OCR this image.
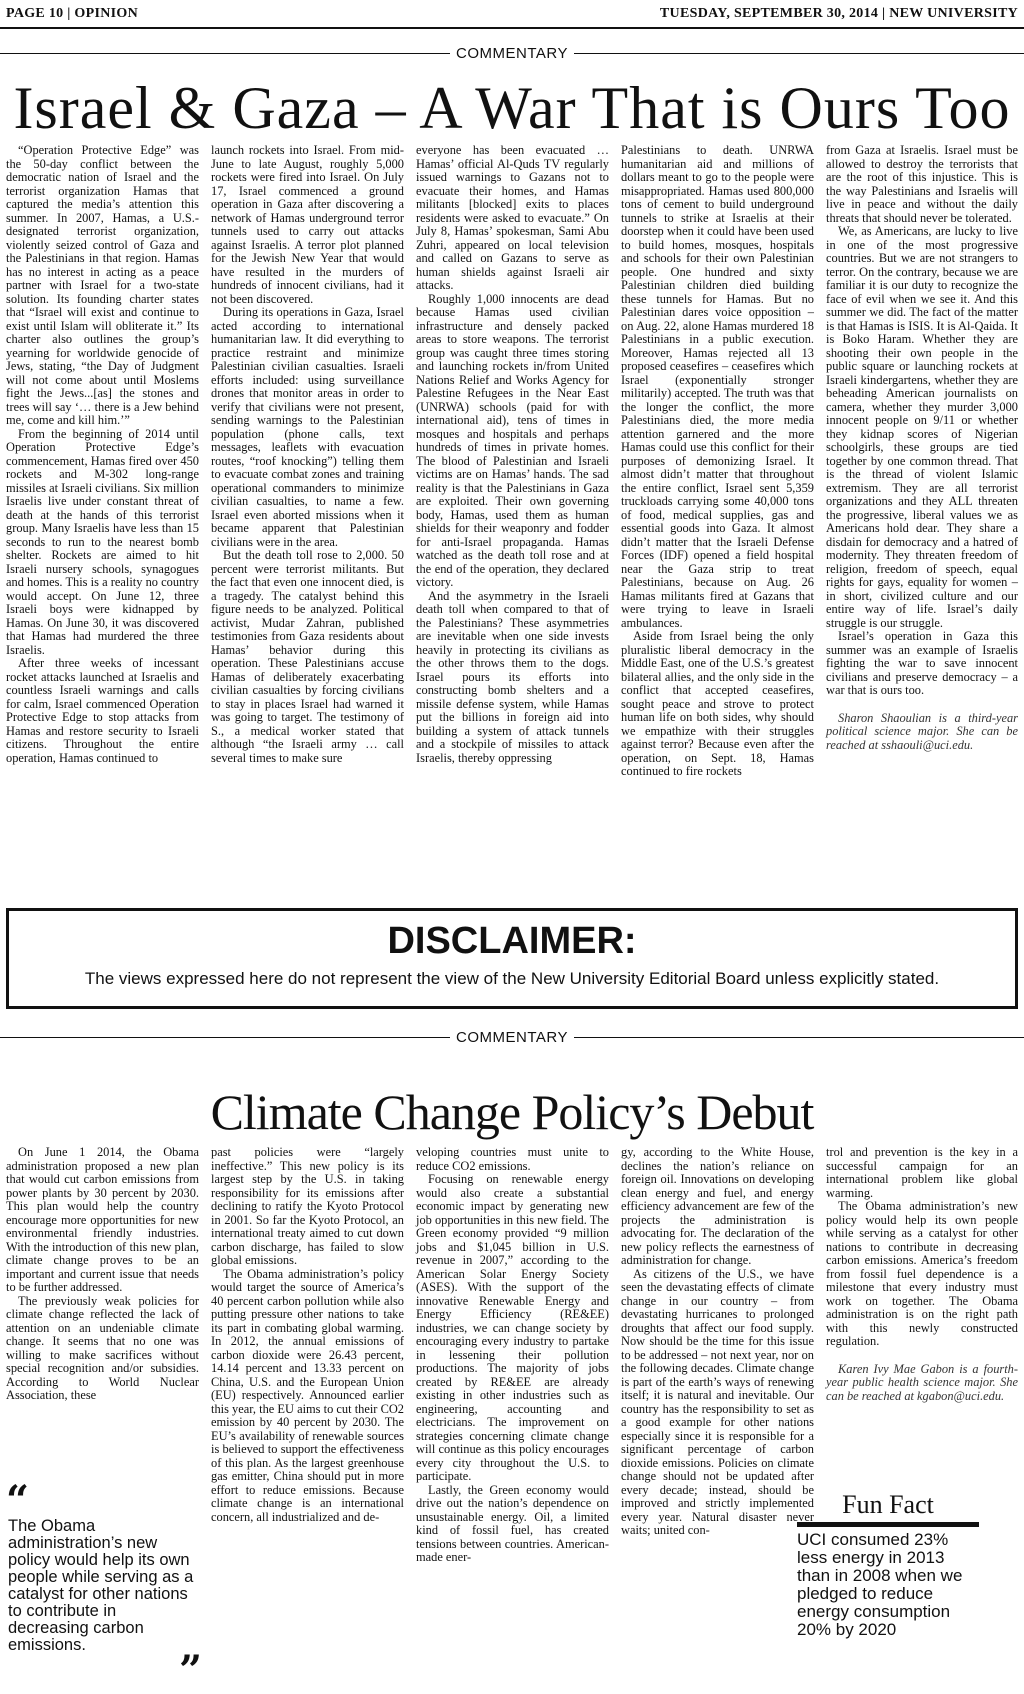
PAGE 10 | OPINION	TUESDAY, SEPTEMBER 30, 2014 | NEW UNIVERSITY
COMMENTARY
Israel & Gaza – A War That is Ours Too

“Operation Protective Edge” was the 50-day conflict between the democratic nation of Israel and the terrorist organization Hamas that captured the media’s attention this summer. In 2007, Hamas, a U.S.-designated terrorist organization, violently seized control of Gaza and the Palestinians in that region. Hamas has no interest in acting as a peace partner with Israel for a two-state solution. Its founding charter states that “Israel will exist and continue to exist until Islam will obliterate it.” Its charter also outlines the group’s yearning for worldwide genocide of Jews, stating, “the Day of Judgment will not come about until Moslems fight the Jews...[as] the stones and trees will say ‘… there is a Jew behind me, come and kill him.’”

From the beginning of 2014 until Operation Protective Edge’s commencement, Hamas fired over 450 rockets and M-302 long-range missiles at Israeli civilians. Six million Israelis live under constant threat of death at the hands of this terrorist group. Many Israelis have less than 15 seconds to run to the nearest bomb shelter. Rockets are aimed to hit Israeli nursery schools, synagogues and homes. This is a reality no country would accept. On June 12, three Israeli boys were kidnapped by Hamas. On June 30, it was discovered that Hamas had murdered the three Israelis.

After three weeks of incessant rocket attacks launched at Israelis and countless Israeli warnings and calls for calm, Israel commenced Operation Protective Edge to stop attacks from Hamas and restore security to Israeli citizens. Throughout the entire operation, Hamas continued to

launch rockets into Israel. From mid-June to late August, roughly 5,000 rockets were fired into Israel. On July 17, Israel commenced a ground operation in Gaza after discovering a network of Hamas underground terror tunnels used to carry out attacks against Israelis. A terror plot planned for the Jewish New Year that would have resulted in the murders of hundreds of innocent civilians, had it not been discovered.

During its operations in Gaza, Israel acted according to international humanitarian law. It did everything to practice restraint and minimize Palestinian civilian casualties. Israeli efforts included: using surveillance drones that monitor areas in order to verify that civilians were not present, sending warnings to the Palestinian population (phone calls, text messages, leaflets with evacuation routes, “roof knocking”) telling them to evacuate combat zones and training operational commanders to minimize civilian casualties, to name a few. Israel even aborted missions when it became apparent that Palestinian civilians were in the area.

But the death toll rose to 2,000. 50 percent were terrorist militants. But the fact that even one innocent died, is a tragedy. The catalyst behind this figure needs to be analyzed. Political activist, Mudar Zahran, published testimonies from Gaza residents about Hamas’ behavior during this operation. These Palestinians accuse Hamas of deliberately exacerbating civilian casualties by forcing civilians to stay in places Israel had warned it was going to target. The testimony of S., a medical worker stated that although “the Israeli army … call several times to make sure

everyone has been evacuated … Hamas’ official Al-Quds TV regularly issued warnings to Gazans not to evacuate their homes, and Hamas militants [blocked] exits to places residents were asked to evacuate.” On July 8, Hamas’ spokesman, Sami Abu Zuhri, appeared on local television and called on Gazans to serve as human shields against Israeli air attacks.

Roughly 1,000 innocents are dead because Hamas used civilian infrastructure and densely packed areas to store weapons. The terrorist group was caught three times storing and launching rockets in/from United Nations Relief and Works Agency for Palestine Refugees in the Near East (UNRWA) schools (paid for with international aid), tens of times in mosques and hospitals and perhaps hundreds of times in private homes. The blood of Palestinian and Israeli victims are on Hamas’ hands. The sad reality is that the Palestinians in Gaza are exploited. Their own governing body, Hamas, used them as human shields for their weaponry and fodder for anti-Israel propaganda. Hamas watched as the death toll rose and at the end of the operation, they declared victory.

And the asymmetry in the Israeli death toll when compared to that of the Palestinians? These asymmetries are inevitable when one side invests heavily in protecting its civilians as the other throws them to the dogs. Israel pours its efforts into constructing bomb shelters and a missile defense system, while Hamas put the billions in foreign aid into building a system of attack tunnels and a stockpile of missiles to attack Israelis, thereby oppressing

Palestinians to death. UNRWA humanitarian aid and millions of dollars meant to go to the people were misappropriated. Hamas used 800,000 tons of cement to build underground tunnels to strike at Israelis at their doorstep when it could have been used to build homes, mosques, hospitals and schools for their own Palestinian people. One hundred and sixty Palestinian children died building these tunnels for Hamas. But no Palestinian dares voice opposition – on Aug. 22, alone Hamas murdered 18 Palestinians in a public execution. Moreover, Hamas rejected all 13 proposed ceasefires – ceasefires which Israel (exponentially stronger militarily) accepted. The truth was that the longer the conflict, the more Palestinians died, the more media attention garnered and the more Hamas could use this conflict for their purposes of demonizing Israel. It almost didn’t matter that throughout the entire conflict, Israel sent 5,359 truckloads carrying some 40,000 tons of food, medical supplies, gas and essential goods into Gaza. It almost didn’t matter that the Israeli Defense Forces (IDF) opened a field hospital near the Gaza strip to treat Palestinians, because on Aug. 26 Hamas militants fired at Gazans that were trying to leave in Israeli ambulances.

Aside from Israel being the only pluralistic liberal democracy in the Middle East, one of the U.S.’s greatest bilateral allies, and the only side in the conflict that accepted ceasefires, sought peace and strove to protect human life on both sides, why should we empathize with their struggles against terror? Because even after the operation, on Sept. 18, Hamas continued to fire rockets

from Gaza at Israelis. Israel must be allowed to destroy the terrorists that are the root of this injustice. This is the way Palestinians and Israelis will live in peace and without the daily threats that should never be tolerated.

We, as Americans, are lucky to live in one of the most progressive countries. But we are not strangers to terror. On the contrary, because we are familiar it is our duty to recognize the face of evil when we see it. And this summer we did. The fact of the matter is that Hamas is ISIS. It is Al-Qaida. It is Boko Haram. Whether they are shooting their own people in the public square or launching rockets at Israeli kindergartens, whether they are beheading American journalists on camera, whether they murder 3,000 innocent people on 9/11 or whether they kidnap scores of Nigerian schoolgirls, these groups are tied together by one common thread. That is the thread of violent Islamic extremism. They are all terrorist organizations and they ALL threaten the progressive, liberal values we as Americans hold dear. They share a disdain for democracy and a hatred of modernity. They threaten freedom of religion, freedom of speech, equal rights for gays, equality for women – in short, civilized culture and our entire way of life. Israel’s daily struggle is our struggle.

Israel’s operation in Gaza this summer was an example of Israelis fighting the war to save innocent civilians and preserve democracy – a war that is ours too.

Sharon Shaoulian is a third-year political science major. She can be reached at sshaouli@uci.edu.

DISCLAIMER:
The views expressed here do not represent the view of the New University Editorial Board unless explicitly stated.
COMMENTARY
Climate Change Policy’s Debut

On June 1 2014, the Obama administration proposed a new plan that would cut carbon emissions from power plants by 30 percent by 2030. This plan would help the country encourage more opportunities for new environmental friendly industries. With the introduction of this new plan, climate change proves to be an important and current issue that needs to be further addressed.

The previously weak policies for climate change reflected the lack of attention on an undeniable climate change. It seems that no one was willing to make sacrifices without special recognition and/or subsidies. According to World Nuclear Association, these

past policies were “largely ineffective.” This new policy is its largest step by the U.S. in taking responsibility for its emissions after declining to ratify the Kyoto Protocol in 2001. So far the Kyoto Protocol, an international treaty aimed to cut down carbon discharge, has failed to slow global emissions.

The Obama administration’s policy would target the source of America’s 40 percent carbon pollution while also putting pressure other nations to take its part in combating global warming. In 2012, the annual emissions of carbon dioxide were 26.43 percent, 14.14 percent and 13.33 percent on China, U.S. and the European Union (EU) respectively. Announced earlier this year, the EU aims to cut their CO2 emission by 40 percent by 2030. The EU’s availability of renewable sources is believed to support the effectiveness of this plan. As the largest greenhouse gas emitter, China should put in more effort to reduce emissions. Because climate change is an international concern, all industrialized and de-

veloping countries must unite to reduce CO2 emissions.

Focusing on renewable energy would also create a substantial economic impact by generating new job opportunities in this new field. The Green economy provided “9 million jobs and $1,045 billion in U.S. revenue in 2007,” according to the American Solar Energy Society (ASES). With the support of the innovative Renewable Energy and Energy Efficiency (RE&EE) industries, we can change society by encouraging every industry to partake in lessening their pollution productions. The majority of jobs created by RE&EE are already existing in other industries such as engineering, accounting and electricians. The improvement on strategies concerning climate change will continue as this policy encourages every city throughout the U.S. to participate.

Lastly, the Green economy would drive out the nation’s dependence on unsustainable energy. Oil, a limited kind of fossil fuel, has created tensions between countries. American-made ener-

gy, according to the White House, declines the nation’s reliance on foreign oil. Innovations on developing clean energy and fuel, and energy efficiency advancement are few of the projects the administration is advocating for. The declaration of the new policy reflects the earnestness of administration for change.

As citizens of the U.S., we have seen the devastating effects of climate change in our country – from devastating hurricanes to prolonged droughts that affect our food supply. Now should be the time for this issue to be addressed – not next year, nor on the following decades. Climate change is part of the earth’s ways of renewing itself; it is natural and inevitable. Our country has the responsibility to set as a good example for other nations especially since it is responsible for a significant percentage of carbon dioxide emissions. Policies on climate change should not be updated after every decade; instead, should be improved and strictly implemented every year. Natural disaster never waits; united con-

trol and prevention is the key in a successful campaign for an international problem like global warming.

The Obama administration’s new policy would help its own people while serving as a catalyst for other nations to contribute in decreasing carbon emissions. America’s freedom from fossil fuel dependence is a milestone that every industry must work on together. The Obama administration is on the right path with this newly constructed regulation.

Karen Ivy Mae Gabon is a fourth-year public health science major. She can be reached at kgabon@uci.edu.

“
The Obama administration’s new policy would help its own people while serving as a catalyst for other nations to contribute in decreasing carbon emissions.
”
Fun Fact
UCI consumed 23% less energy in 2013 than in 2008 when we pledged to reduce energy consumption 20% by 2020
